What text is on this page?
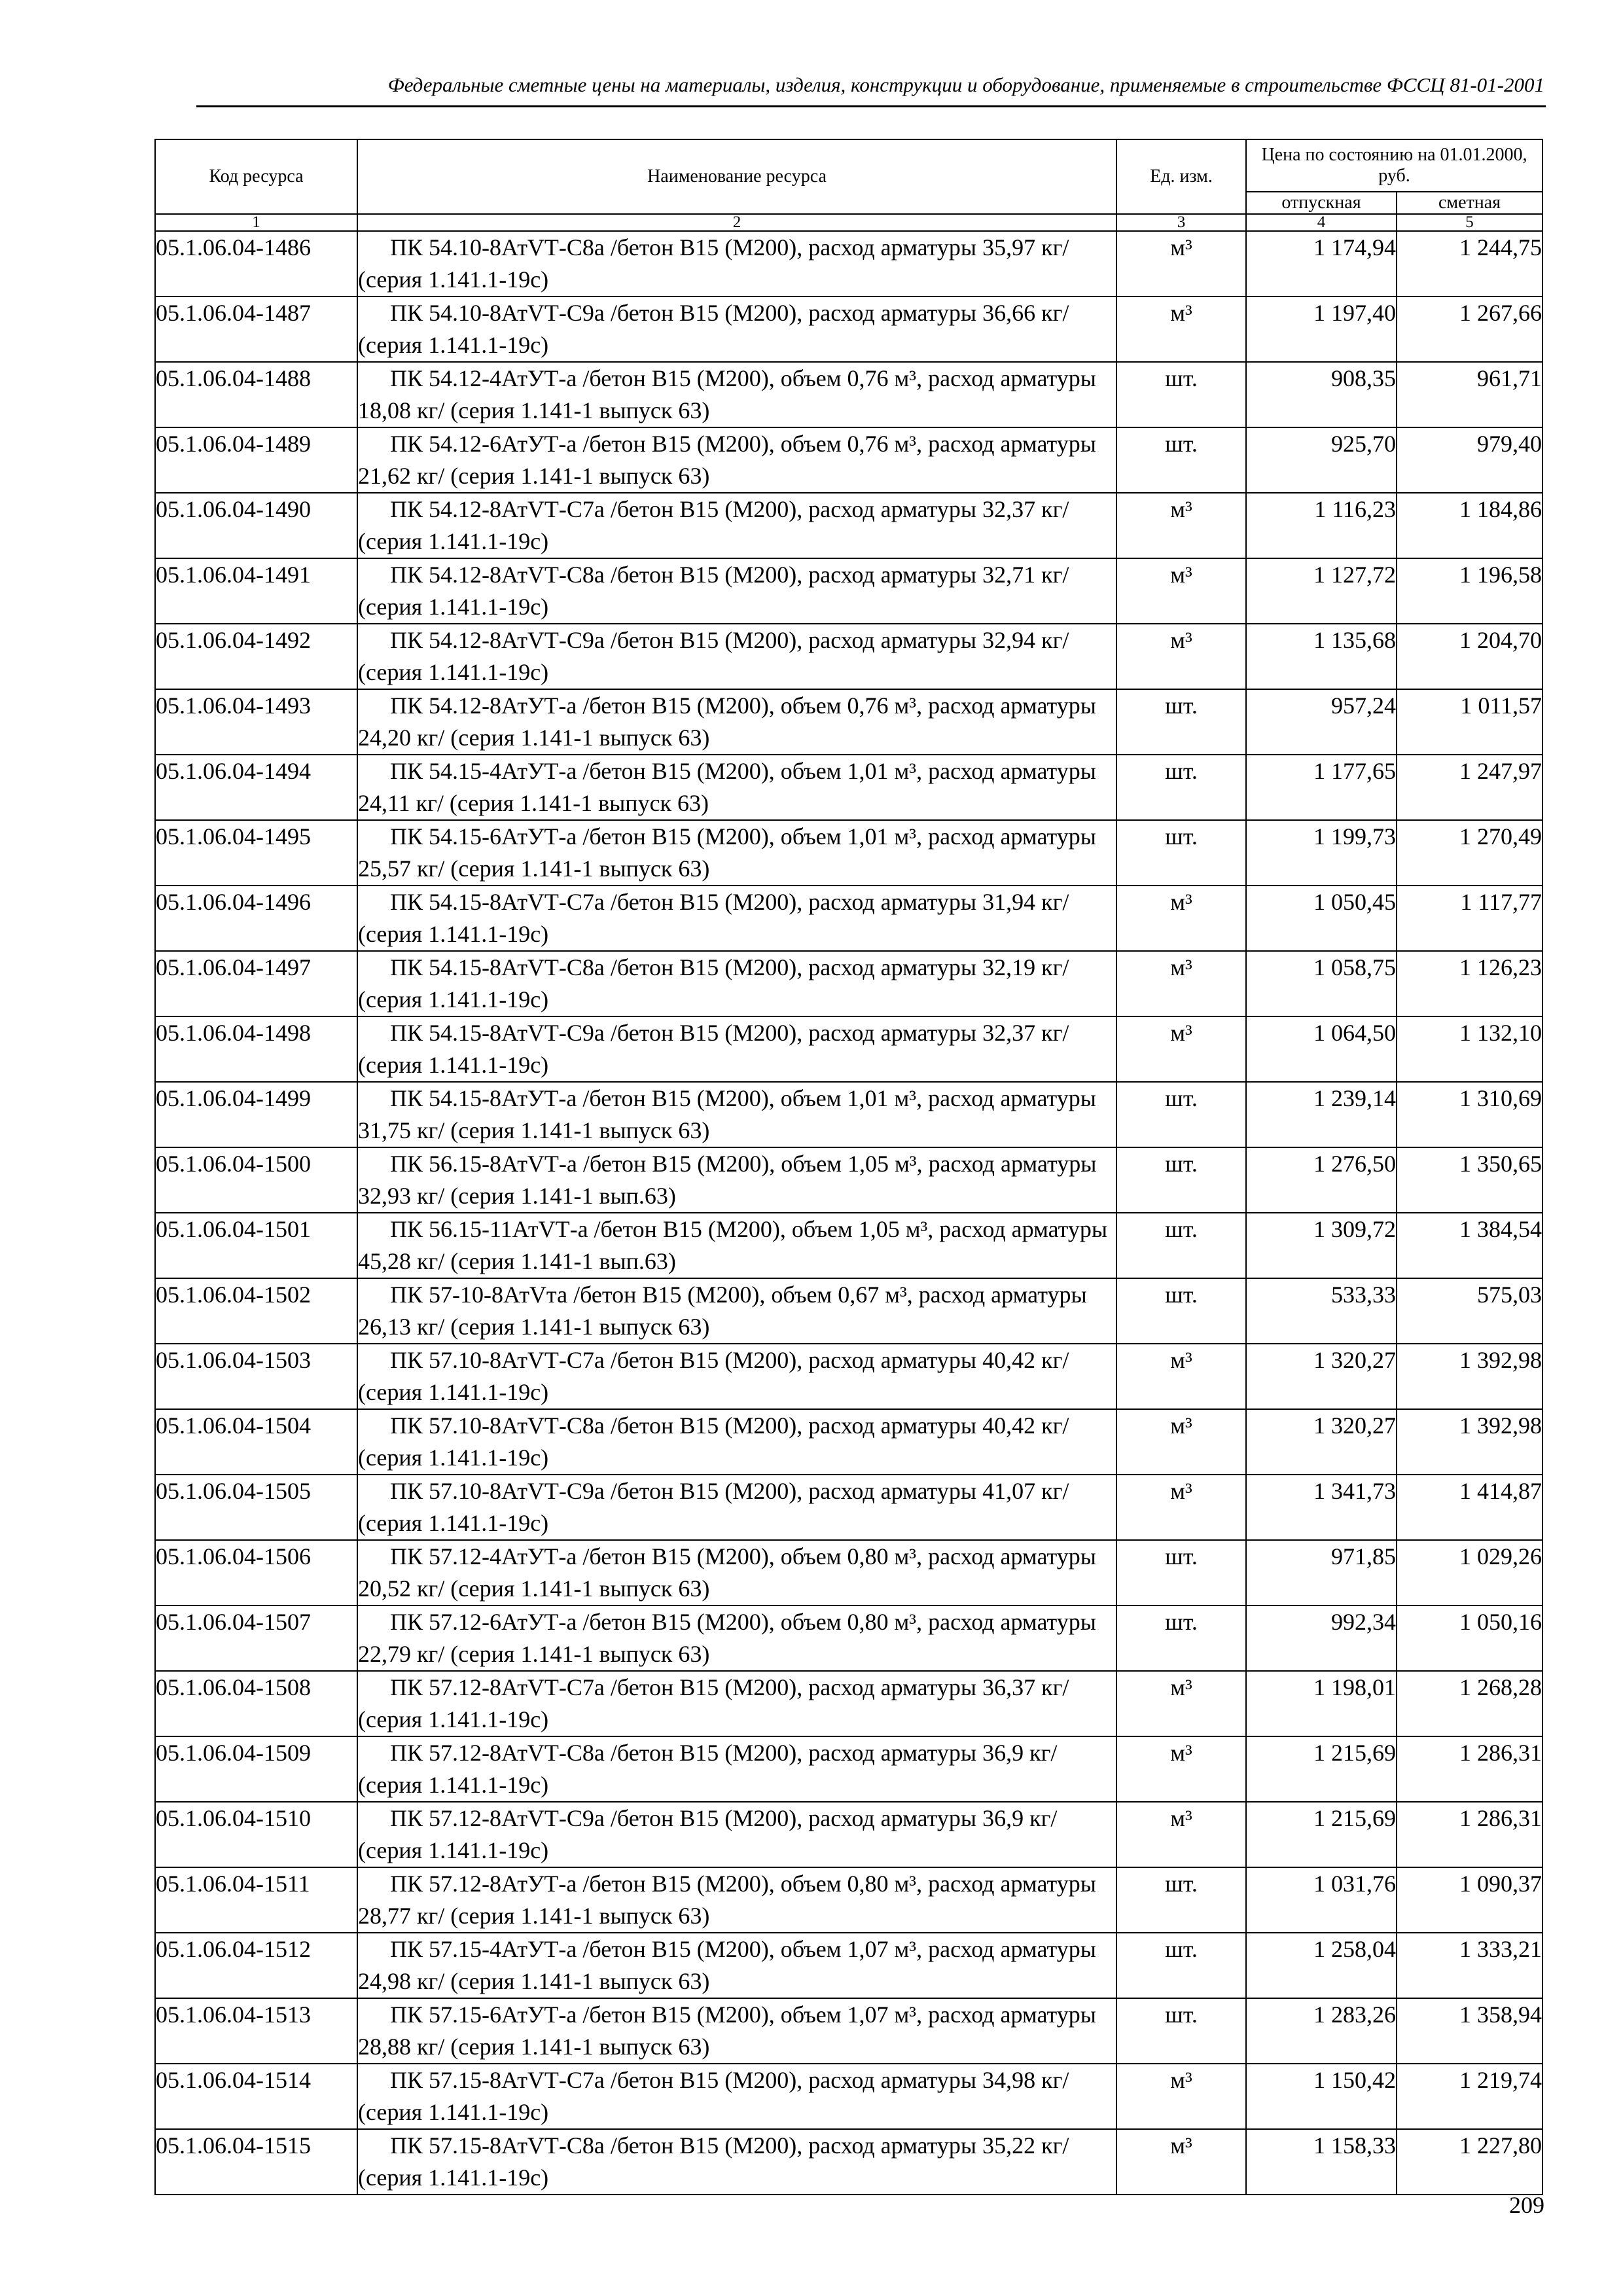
Федеральные сметные цены на материалы, изделия, конструкции и оборудование, применяемые в строительстве ФССЦ 81-01-2001
Код ресурса	Наименование ресурса	Ед. изм.	Цена по состоянию на 01.01.2000, руб.	
			отпускная	сметная
1	2	3	4	5
05.1.06.04-1486	ПК 54.10-8АтVТ-С8а /бетон В15 (М200), расход арматуры 35,97 кг/ (серия 1.141.1-19с)	м³	1 174,94	1 244,75
05.1.06.04-1487	ПК 54.10-8АтVТ-С9а /бетон В15 (М200), расход арматуры 36,66 кг/ (серия 1.141.1-19с)	м³	1 197,40	1 267,66
05.1.06.04-1488	ПК 54.12-4АтУТ-а /бетон В15 (М200), объем 0,76 м³, расход арматуры 18,08 кг/ (серия 1.141-1 выпуск 63)	шт.	908,35	961,71
05.1.06.04-1489	ПК 54.12-6АтУТ-а /бетон В15 (М200), объем 0,76 м³, расход арматуры 21,62 кг/ (серия 1.141-1 выпуск 63)	шт.	925,70	979,40
05.1.06.04-1490	ПК 54.12-8АтVТ-С7а /бетон В15 (М200), расход арматуры 32,37 кг/ (серия 1.141.1-19с)	м³	1 116,23	1 184,86
05.1.06.04-1491	ПК 54.12-8АтVТ-С8а /бетон В15 (М200), расход арматуры 32,71 кг/ (серия 1.141.1-19с)	м³	1 127,72	1 196,58
05.1.06.04-1492	ПК 54.12-8АтVТ-С9а /бетон В15 (М200), расход арматуры 32,94 кг/ (серия 1.141.1-19с)	м³	1 135,68	1 204,70
05.1.06.04-1493	ПК 54.12-8АтУТ-а /бетон В15 (М200), объем 0,76 м³, расход арматуры 24,20 кг/ (серия 1.141-1 выпуск 63)	шт.	957,24	1 011,57
05.1.06.04-1494	ПК 54.15-4АтУТ-а /бетон В15 (М200), объем 1,01 м³, расход арматуры 24,11 кг/ (серия 1.141-1 выпуск 63)	шт.	1 177,65	1 247,97
05.1.06.04-1495	ПК 54.15-6АтУТ-а /бетон В15 (М200), объем 1,01 м³, расход арматуры 25,57 кг/ (серия 1.141-1 выпуск 63)	шт.	1 199,73	1 270,49
05.1.06.04-1496	ПК 54.15-8АтVТ-С7а /бетон В15 (М200), расход арматуры 31,94 кг/ (серия 1.141.1-19с)	м³	1 050,45	1 117,77
05.1.06.04-1497	ПК 54.15-8АтVТ-С8а /бетон В15 (М200), расход арматуры 32,19 кг/ (серия 1.141.1-19с)	м³	1 058,75	1 126,23
05.1.06.04-1498	ПК 54.15-8АтVТ-С9а /бетон В15 (М200), расход арматуры 32,37 кг/ (серия 1.141.1-19с)	м³	1 064,50	1 132,10
05.1.06.04-1499	ПК 54.15-8АтУТ-а /бетон В15 (М200), объем 1,01 м³, расход арматуры 31,75 кг/ (серия 1.141-1 выпуск 63)	шт.	1 239,14	1 310,69
05.1.06.04-1500	ПК 56.15-8АтVТ-а /бетон В15 (М200), объем 1,05 м³, расход арматуры 32,93 кг/ (серия 1.141-1 вып.63)	шт.	1 276,50	1 350,65
05.1.06.04-1501	ПК 56.15-11АтVТ-а /бетон В15 (М200), объем 1,05 м³, расход арматуры 45,28 кг/ (серия 1.141-1 вып.63)	шт.	1 309,72	1 384,54
05.1.06.04-1502	ПК 57-10-8АтVта /бетон В15 (М200), объем 0,67 м³, расход арматуры 26,13 кг/ (серия 1.141-1 выпуск 63)	шт.	533,33	575,03
05.1.06.04-1503	ПК 57.10-8АтVТ-С7а /бетон В15 (М200), расход арматуры 40,42 кг/ (серия 1.141.1-19с)	м³	1 320,27	1 392,98
05.1.06.04-1504	ПК 57.10-8АтVТ-С8а /бетон В15 (М200), расход арматуры 40,42 кг/ (серия 1.141.1-19с)	м³	1 320,27	1 392,98
05.1.06.04-1505	ПК 57.10-8АтVТ-С9а /бетон В15 (М200), расход арматуры 41,07 кг/ (серия 1.141.1-19с)	м³	1 341,73	1 414,87
05.1.06.04-1506	ПК 57.12-4АтУТ-а /бетон В15 (М200), объем 0,80 м³, расход арматуры 20,52 кг/ (серия 1.141-1 выпуск 63)	шт.	971,85	1 029,26
05.1.06.04-1507	ПК 57.12-6АтУТ-а /бетон В15 (М200), объем 0,80 м³, расход арматуры 22,79 кг/ (серия 1.141-1 выпуск 63)	шт.	992,34	1 050,16
05.1.06.04-1508	ПК 57.12-8АтVТ-С7а /бетон В15 (М200), расход арматуры 36,37 кг/ (серия 1.141.1-19с)	м³	1 198,01	1 268,28
05.1.06.04-1509	ПК 57.12-8АтVТ-С8а /бетон В15 (М200), расход арматуры 36,9 кг/ (серия 1.141.1-19с)	м³	1 215,69	1 286,31
05.1.06.04-1510	ПК 57.12-8АтVТ-С9а /бетон В15 (М200), расход арматуры 36,9 кг/ (серия 1.141.1-19с)	м³	1 215,69	1 286,31
05.1.06.04-1511	ПК 57.12-8АтУТ-а /бетон В15 (М200), объем 0,80 м³, расход арматуры 28,77 кг/ (серия 1.141-1 выпуск 63)	шт.	1 031,76	1 090,37
05.1.06.04-1512	ПК 57.15-4АтУТ-а /бетон В15 (М200), объем 1,07 м³, расход арматуры 24,98 кг/ (серия 1.141-1 выпуск 63)	шт.	1 258,04	1 333,21
05.1.06.04-1513	ПК 57.15-6АтУТ-а /бетон В15 (М200), объем 1,07 м³, расход арматуры 28,88 кг/ (серия 1.141-1 выпуск 63)	шт.	1 283,26	1 358,94
05.1.06.04-1514	ПК 57.15-8АтVТ-С7а /бетон В15 (М200), расход арматуры 34,98 кг/ (серия 1.141.1-19с)	м³	1 150,42	1 219,74
05.1.06.04-1515	ПК 57.15-8АтVТ-С8а /бетон В15 (М200), расход арматуры 35,22 кг/ (серия 1.141.1-19с)	м³	1 158,33	1 227,80
209
